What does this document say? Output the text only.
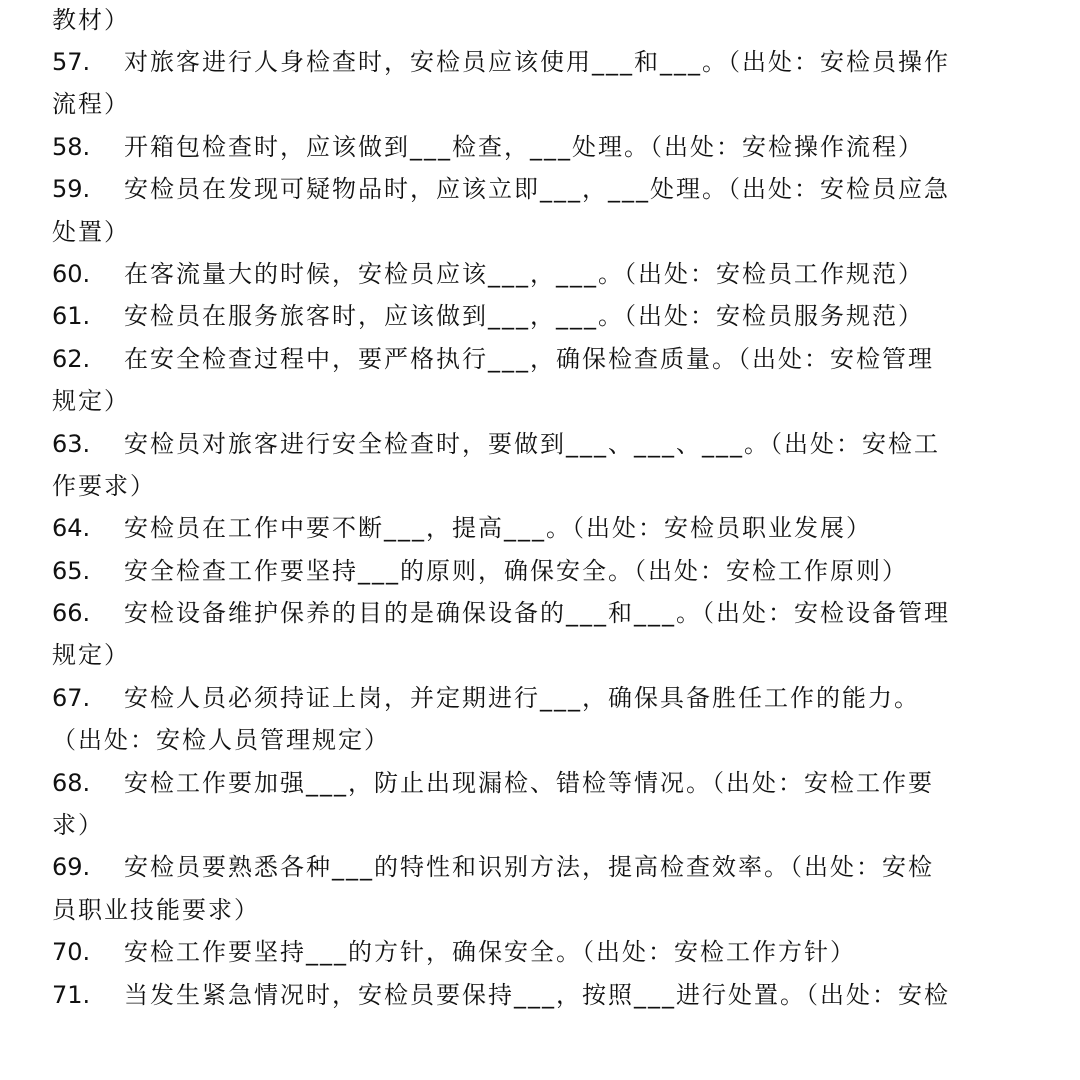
教材）
57. 对旅客进行人身检查时，安检员应该使用___和___。（出处：安检员操作
流程）
58. 开箱包检查时，应该做到___检查，___处理。（出处：安检操作流程）
59. 安检员在发现可疑物品时，应该立即___，___处理。（出处：安检员应急
处置）
60. 在客流量大的时候，安检员应该___，___。（出处：安检员工作规范）
61. 安检员在服务旅客时，应该做到___，___。（出处：安检员服务规范）
62. 在安全检查过程中，要严格执行___，确保检查质量。（出处：安检管理
规定）
63. 安检员对旅客进行安全检查时，要做到___、___、___。（出处：安检工
作要求）
64. 安检员在工作中要不断___，提高___。（出处：安检员职业发展）
65. 安全检查工作要坚持___的原则，确保安全。（出处：安检工作原则）
66. 安检设备维护保养的目的是确保设备的___和___。（出处：安检设备管理
规定）
67. 安检人员必须持证上岗，并定期进行___，确保具备胜任工作的能力。
（出处：安检人员管理规定）
68. 安检工作要加强___，防止出现漏检、错检等情况。（出处：安检工作要
求）
69. 安检员要熟悉各种___的特性和识别方法，提高检查效率。（出处：安检
员职业技能要求）
70. 安检工作要坚持___的方针，确保安全。（出处：安检工作方针）
71. 当发生紧急情况时，安检员要保持___，按照___进行处置。（出处：安检
